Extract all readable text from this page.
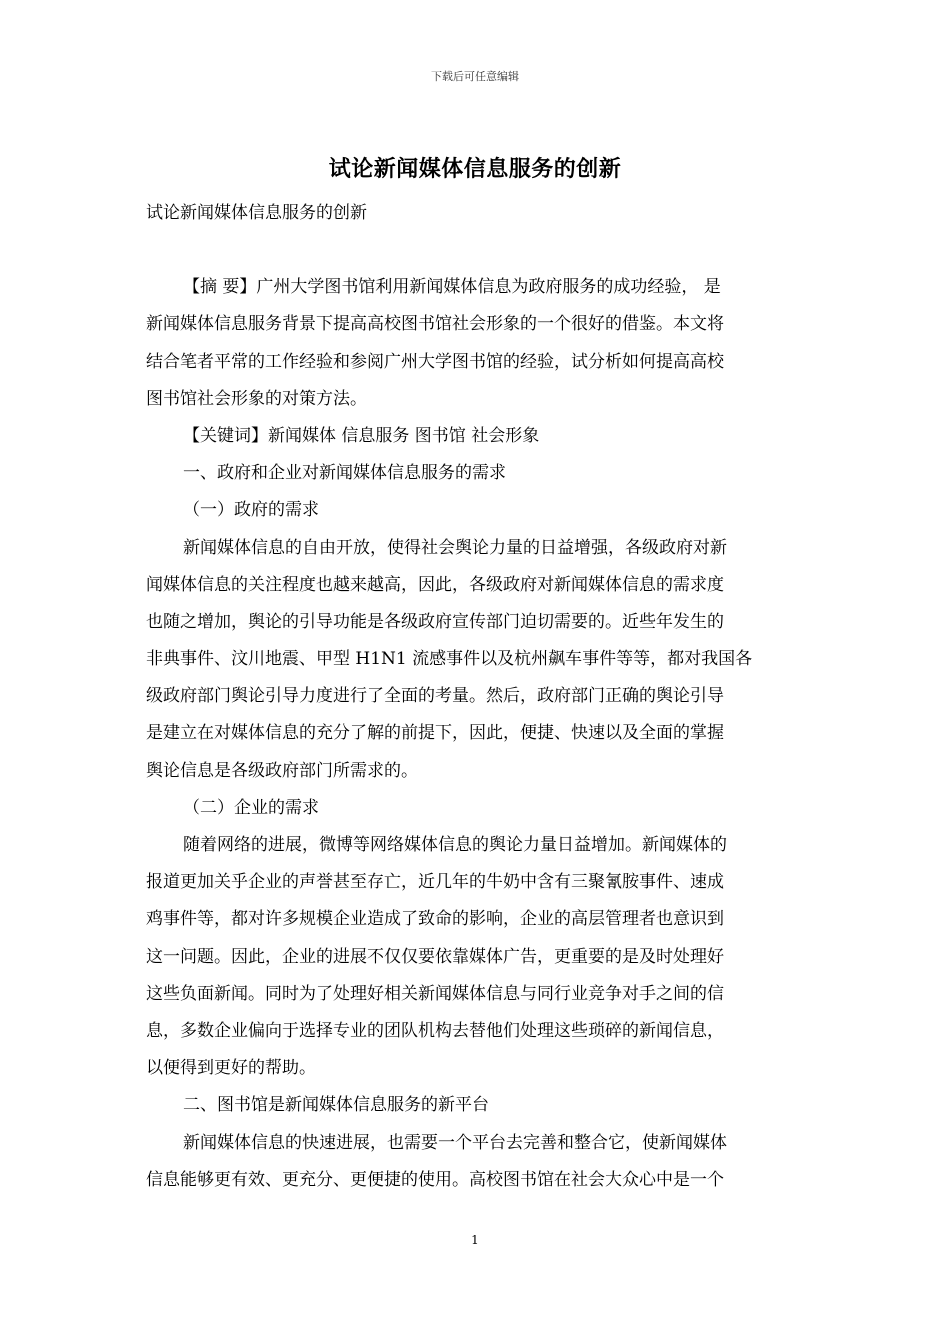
下载后可任意编辑
试论新闻媒体信息服务的创新
试论新闻媒体信息服务的创新
【摘 要】广州大学图书馆利用新闻媒体信息为政府服务的成功经验， 是
新闻媒体信息服务背景下提高高校图书馆社会形象的一个很好的借鉴。本文将
结合笔者平常的工作经验和参阅广州大学图书馆的经验，试分析如何提高高校
图书馆社会形象的对策方法。
【关键词】新闻媒体 信息服务 图书馆 社会形象
一、政府和企业对新闻媒体信息服务的需求
（一）政府的需求
新闻媒体信息的自由开放，使得社会舆论力量的日益增强，各级政府对新
闻媒体信息的关注程度也越来越高，因此，各级政府对新闻媒体信息的需求度
也随之增加，舆论的引导功能是各级政府宣传部门迫切需要的。近些年发生的
非典事件、汶川地震、甲型 H1N1 流感事件以及杭州飙车事件等等，都对我国各
级政府部门舆论引导力度进行了全面的考量。然后，政府部门正确的舆论引导
是建立在对媒体信息的充分了解的前提下，因此，便捷、快速以及全面的掌握
舆论信息是各级政府部门所需求的。
（二）企业的需求
随着网络的进展，微博等网络媒体信息的舆论力量日益增加。新闻媒体的
报道更加关乎企业的声誉甚至存亡，近几年的牛奶中含有三聚氰胺事件、速成
鸡事件等，都对许多规模企业造成了致命的影响，企业的高层管理者也意识到
这一问题。因此，企业的进展不仅仅要依靠媒体广告，更重要的是及时处理好
这些负面新闻。同时为了处理好相关新闻媒体信息与同行业竞争对手之间的信
息，多数企业偏向于选择专业的团队机构去替他们处理这些琐碎的新闻信息，
以便得到更好的帮助。
二、图书馆是新闻媒体信息服务的新平台
新闻媒体信息的快速进展，也需要一个平台去完善和整合它，使新闻媒体
信息能够更有效、更充分、更便捷的使用。高校图书馆在社会大众心中是一个
1
